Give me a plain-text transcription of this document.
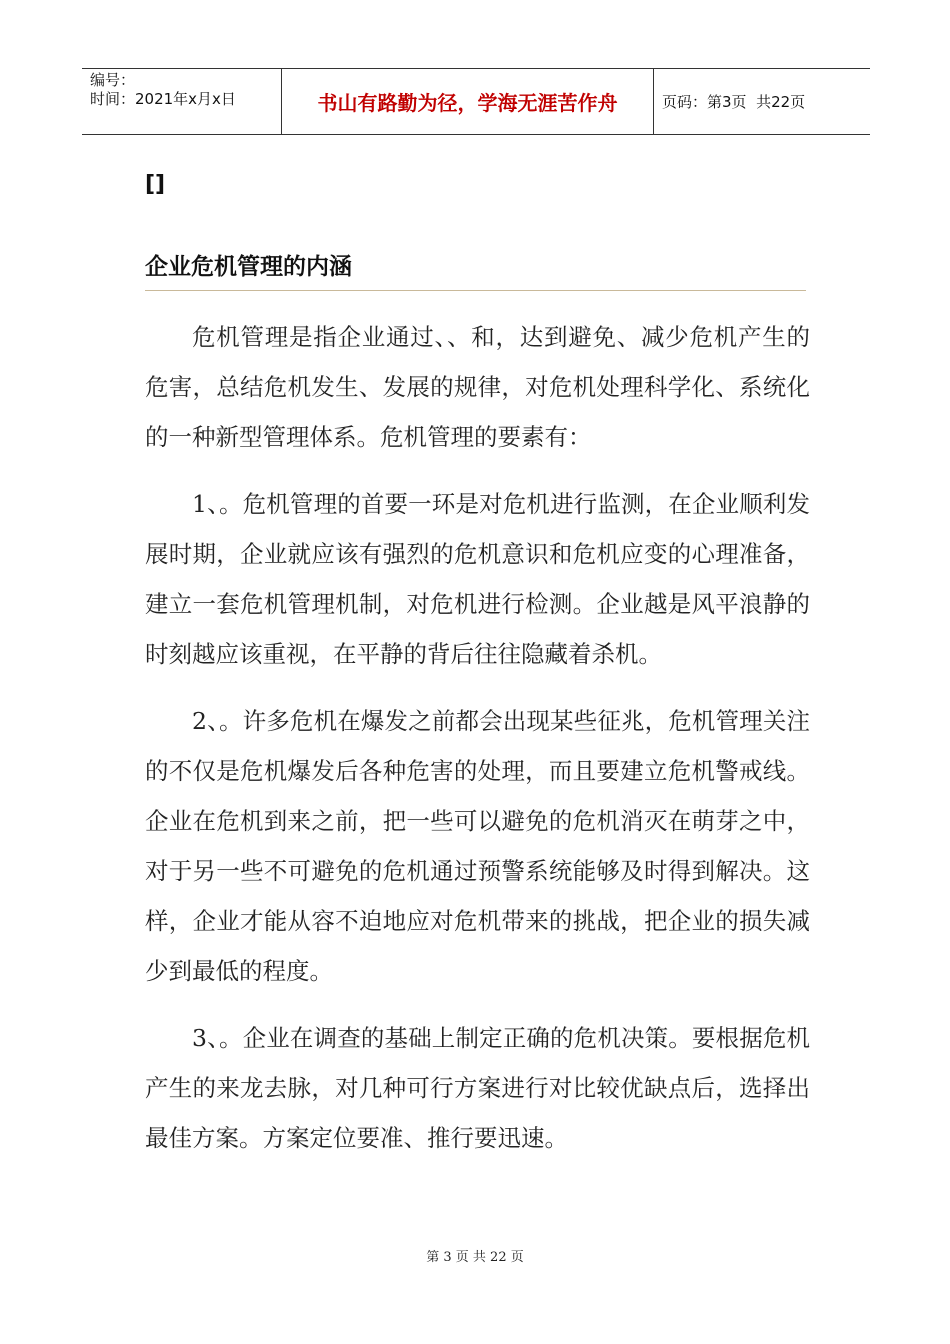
编号：
时间：2021年x月x日	书山有路勤为径，学海无涯苦作舟	页码：第3页  共22页
[]
企业危机管理的内涵

危机管理是指企业通过、、和，达到避免、减少危机产生的危害，总结危机发生、发展的规律，对危机处理科学化、系统化的一种新型管理体系。危机管理的要素有：

1、。危机管理的首要一环是对危机进行监测，在企业顺利发展时期，企业就应该有强烈的危机意识和危机应变的心理准备，建立一套危机管理机制，对危机进行检测。企业越是风平浪静的时刻越应该重视，在平静的背后往往隐藏着杀机。

2、。许多危机在爆发之前都会出现某些征兆，危机管理关注的不仅是危机爆发后各种危害的处理，而且要建立危机警戒线。企业在危机到来之前，把一些可以避免的危机消灭在萌芽之中，对于另一些不可避免的危机通过预警系统能够及时得到解决。这样，企业才能从容不迫地应对危机带来的挑战，把企业的损失减少到最低的程度。

3、。企业在调查的基础上制定正确的危机决策。要根据危机产生的来龙去脉，对几种可行方案进行对比较优缺点后，选择出最佳方案。方案定位要准、推行要迅速。

第 3 页 共 22 页
